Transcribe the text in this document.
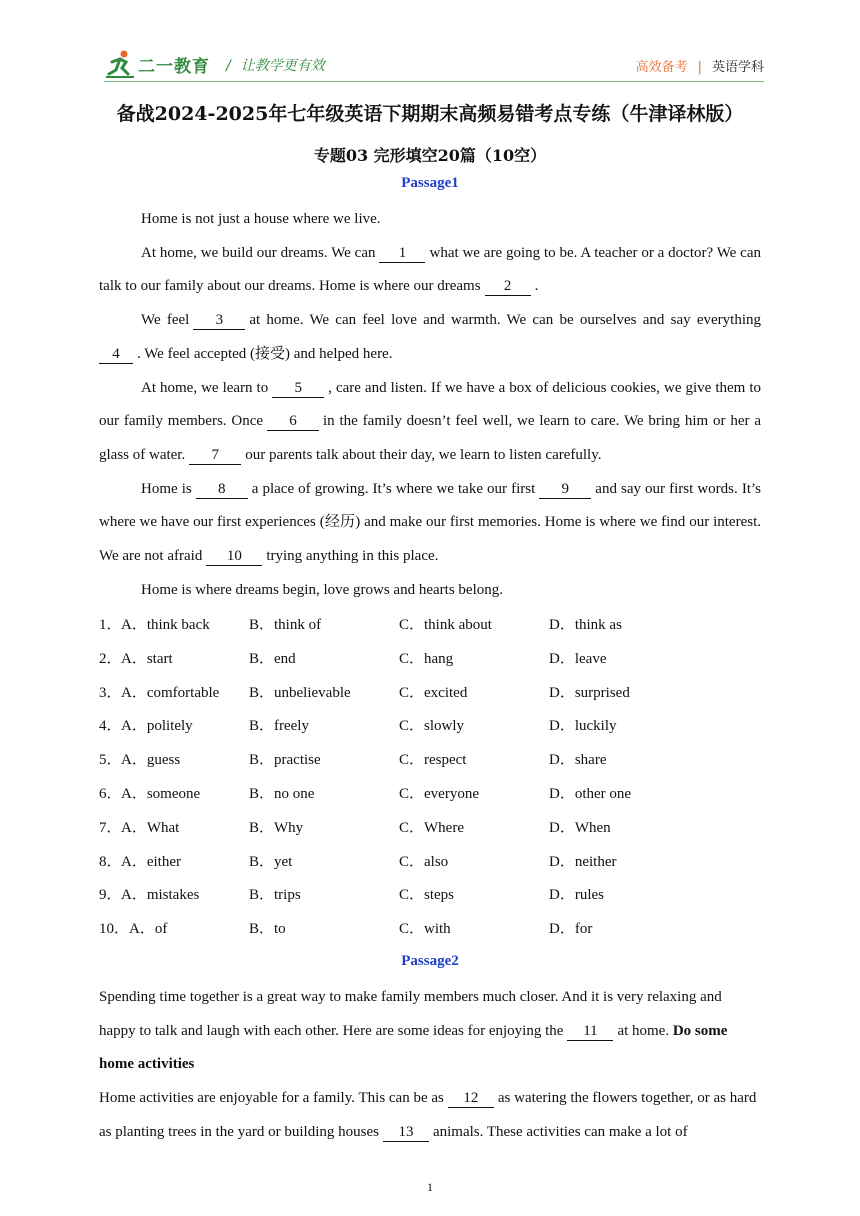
二一教育 / 让教学更有效	高效备考 | 英语学科
备战2024-2025年七年级英语下期期末高频易错考点专练（牛津译林版）
专题03 完形填空20篇（10空）
Passage1

Home is not just a house where we live.

At home, we build our dreams. We can 1 what we are going to be. A teacher or a doctor? We can talk to our family about our dreams. Home is where our dreams 2 .

We feel 3 at home. We can feel love and warmth. We can be ourselves and say everything 4 . We feel accepted (接受) and helped here.

At home, we learn to 5 , care and listen. If we have a box of delicious cookies, we give them to our family members. Once 6 in the family doesn’t feel well, we learn to care. We bring him or her a glass of water. 7 our parents talk about their day, we learn to listen carefully.

Home is 8 a place of growing. It’s where we take our first 9 and say our first words. It’s where we have our first experiences (经历) and make our first memories. Home is where we find our interest. We are not afraid 10 trying anything in this place.

Home is where dreams begin, love grows and hearts belong.

1． A．think back	B．think of	C．think about	D．think as
2． A．start	B．end	C．hang	D．leave
3． A．comfortable B．unbelievable	C．excited	D．surprised
4． A．politely	B．freely	C．slowly	D．luckily
5． A．guess	B．practise	C．respect	D．share
6． A．someone	B．no one	C．everyone	D．other one
7． A．What	B．Why	C．Where	D．When
8． A．either	B．yet	C．also	D．neither
9． A．mistakes	B．trips	C．steps	D．rules
10． A．of	B．to	C．with	D．for
Passage2

Spending time together is a great way to make family members much closer. And it is very relaxing and happy to talk and laugh with each other. Here are some ideas for enjoying the 11 at home. Do some home activities

Home activities are enjoyable for a family. This can be as 12 as watering the flowers together, or as hard as planting trees in the yard or building houses 13 animals. These activities can make a lot of

1
